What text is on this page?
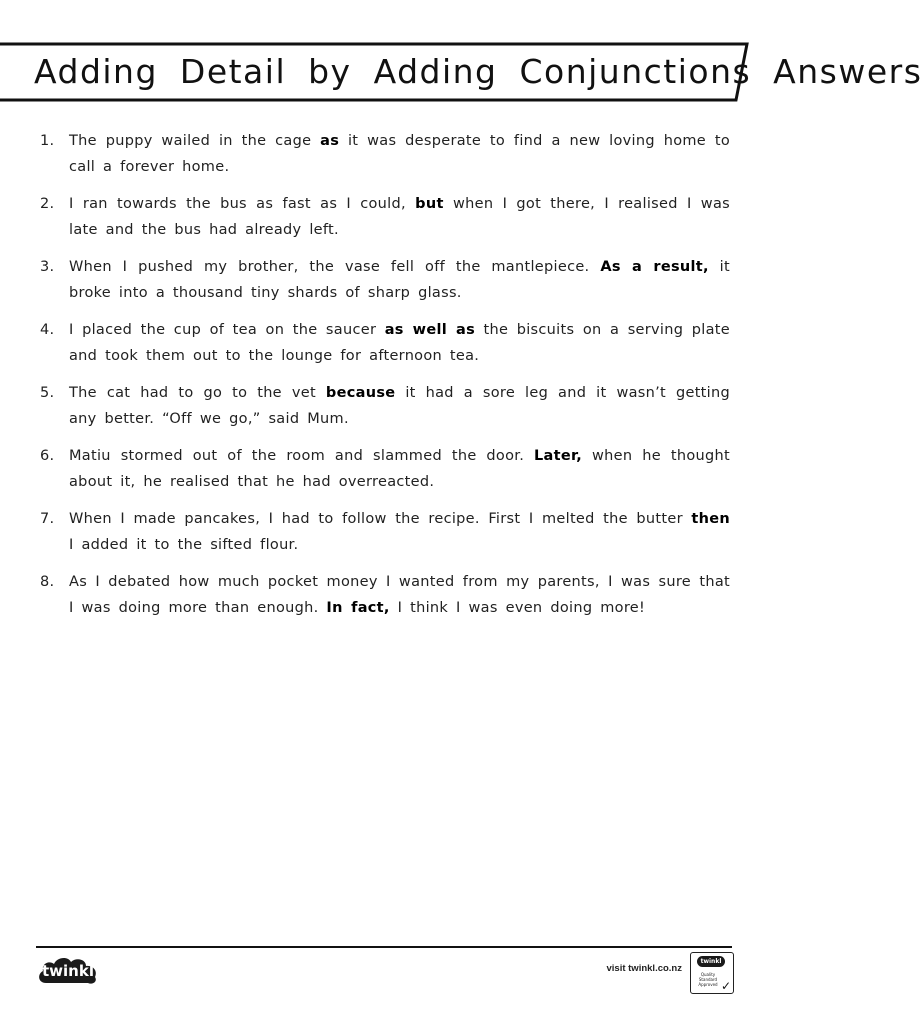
Adding Detail by Adding Conjunctions Answers
1.	The puppy wailed in the cage as it was desperate to find a new loving home to call a forever home.
2.	I ran towards the bus as fast as I could, but when I got there, I realised I was late and the bus had already left.
3.	When I pushed my brother, the vase fell off the mantlepiece. As a result, it broke into a thousand tiny shards of sharp glass.
4.	I placed the cup of tea on the saucer as well as the biscuits on a serving plate and took them out to the lounge for afternoon tea.
5.	The cat had to go to the vet because it had a sore leg and it wasn’t getting any better. “Off we go,” said Mum.
6.	Matiu stormed out of the room and slammed the door. Later, when he thought about it, he realised that he had overreacted.
7.	When I made pancakes, I had to follow the recipe. First I melted the butter then I added it to the sifted flour.
8.	As I debated how much pocket money I wanted from my parents, I was sure that I was doing more than enough. In fact, I think I was even doing more!
twinkl	visit twinkl.co.nz
twinkl
Quality Standard Approved ✓
